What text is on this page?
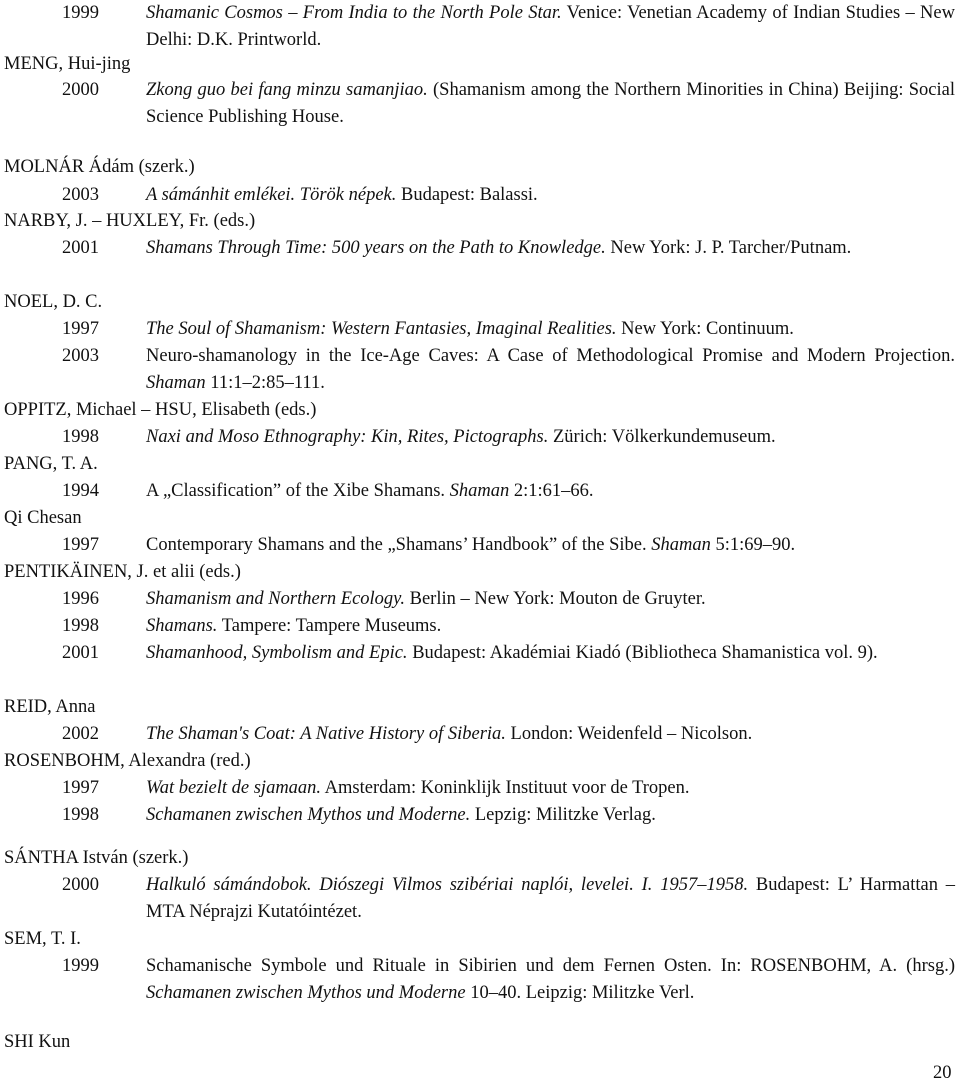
1999	Shamanic Cosmos – From India to the North Pole Star. Venice: Venetian Academy of Indian Studies – New Delhi: D.K. Printworld.
MENG, Hui-jing
2000	Zkong guo bei fang minzu samanjiao. (Shamanism among the Northern Minorities in China) Beijing: Social Science Publishing House.
MOLNÁR Ádám (szerk.)
2003	A sámánhit emlékei. Török népek. Budapest: Balassi.
NARBY, J. – HUXLEY, Fr. (eds.)
2001	Shamans Through Time: 500 years on the Path to Knowledge. New York: J. P. Tarcher/Putnam.
NOEL, D. C.
1997	The Soul of Shamanism: Western Fantasies, Imaginal Realities. New York: Continuum.
2003	Neuro-shamanology in the Ice-Age Caves: A Case of Methodological Promise and Modern Projection. Shaman 11:1–2:85–111.
OPPITZ, Michael – HSU, Elisabeth (eds.)
1998	Naxi and Moso Ethnography: Kin, Rites, Pictographs. Zürich: Völkerkundemuseum.
PANG, T. A.
1994	A „Classification” of the Xibe Shamans. Shaman 2:1:61–66.
Qi Chesan
1997	Contemporary Shamans and the „Shamans’ Handbook” of the Sibe. Shaman 5:1:69–90.
PENTIKÄINEN, J. et alii (eds.)
1996	Shamanism and Northern Ecology. Berlin – New York: Mouton de Gruyter.
1998	Shamans. Tampere: Tampere Museums.
2001	Shamanhood, Symbolism and Epic. Budapest: Akadémiai Kiadó (Bibliotheca Shamanistica vol. 9).
REID, Anna
2002	The Shaman's Coat: A Native History of Siberia. London: Weidenfeld – Nicolson.
ROSENBOHM, Alexandra (red.)
1997	Wat bezielt de sjamaan. Amsterdam: Koninklijk Instituut voor de Tropen.
1998	Schamanen zwischen Mythos und Moderne. Lepzig: Militzke Verlag.
SÁNTHA István (szerk.)
2000	Halkuló sámándobok. Diószegi Vilmos szibériai naplói, levelei. I. 1957–1958. Budapest: L’ Harmattan – MTA Néprajzi Kutatóintézet.
SEM, T. I.
1999	Schamanische Symbole und Rituale in Sibirien und dem Fernen Osten. In: ROSENBOHM, A. (hrsg.) Schamanen zwischen Mythos und Moderne 10–40. Leipzig: Militzke Verl.
SHI Kun
20
